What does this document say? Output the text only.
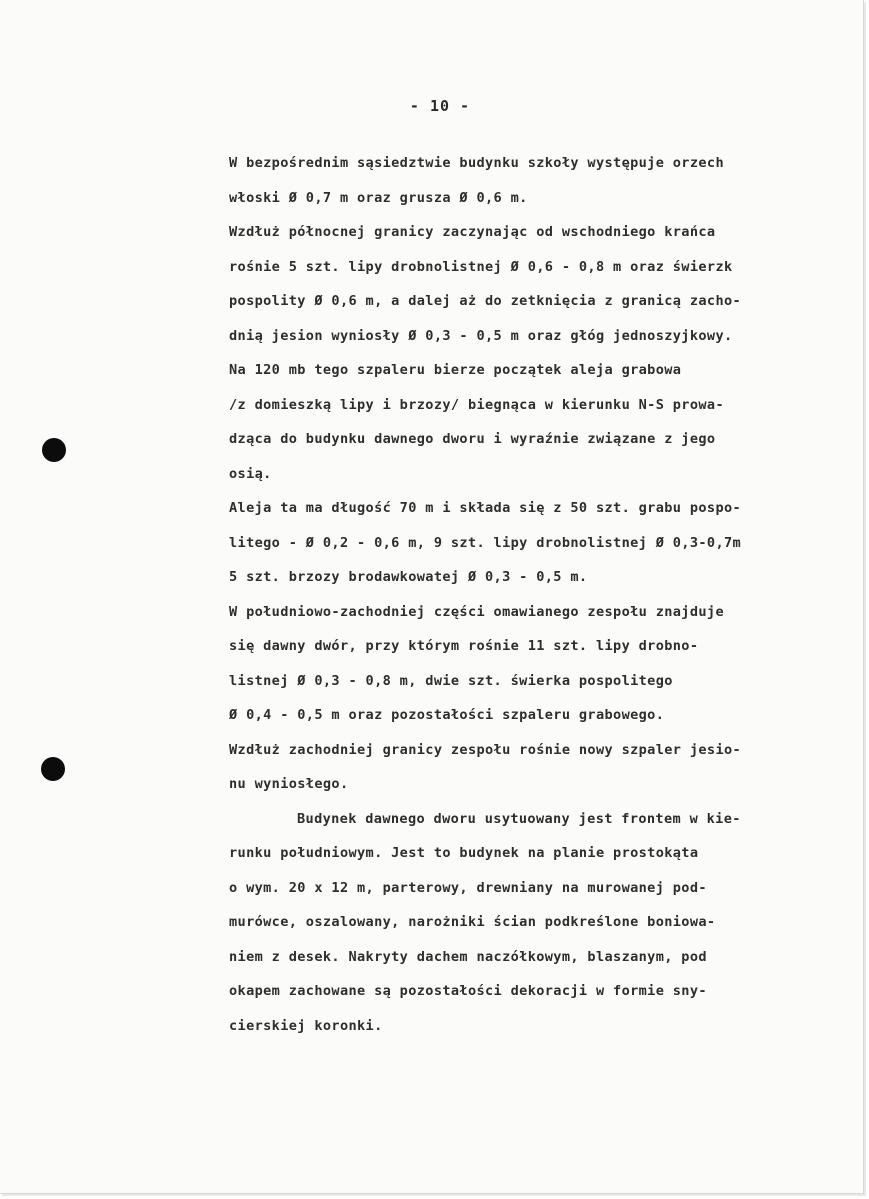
- 10 -
W bezpośrednim sąsiedztwie budynku szkoły występuje orzech
włoski Ø 0,7 m oraz grusza Ø 0,6 m.
Wzdłuż północnej granicy zaczynając od wschodniego krańca
rośnie 5 szt. lipy drobnolistnej Ø 0,6 - 0,8 m oraz świerzk
pospolity Ø 0,6 m, a dalej aż do zetknięcia z granicą zacho-
dnią jesion wyniosły Ø 0,3 - 0,5 m oraz głóg jednoszyjkowy.
Na 120 mb tego szpaleru bierze początek aleja grabowa
/z domieszką lipy i brzozy/ biegnąca w kierunku N-S prowa-
dząca do budynku dawnego dworu i wyraźnie związane z jego
osią.
Aleja ta ma długość 70 m i składa się z 50 szt. grabu pospo-
litego - Ø 0,2 - 0,6 m, 9 szt. lipy drobnolistnej Ø 0,3-0,7m
5 szt. brzozy brodawkowatej Ø 0,3 - 0,5 m.
W południowo-zachodniej części omawianego zespołu znajduje
się dawny dwór, przy którym rośnie 11 szt. lipy drobno-
listnej Ø 0,3 - 0,8 m, dwie szt. świerka pospolitego
Ø 0,4 - 0,5 m oraz pozostałości szpaleru grabowego.
Wzdłuż zachodniej granicy zespołu rośnie nowy szpaler jesio-
nu wyniosłego.
Budynek dawnego dworu usytuowany jest frontem w kie-
runku południowym. Jest to budynek na planie prostokąta
o wym. 20 x 12 m, parterowy, drewniany na murowanej pod-
murówce, oszalowany, narożniki ścian podkreślone boniowa-
niem z desek. Nakryty dachem naczółkowym, blaszanym, pod
okapem zachowane są pozostałości dekoracji w formie sny-
cierskiej koronki.
